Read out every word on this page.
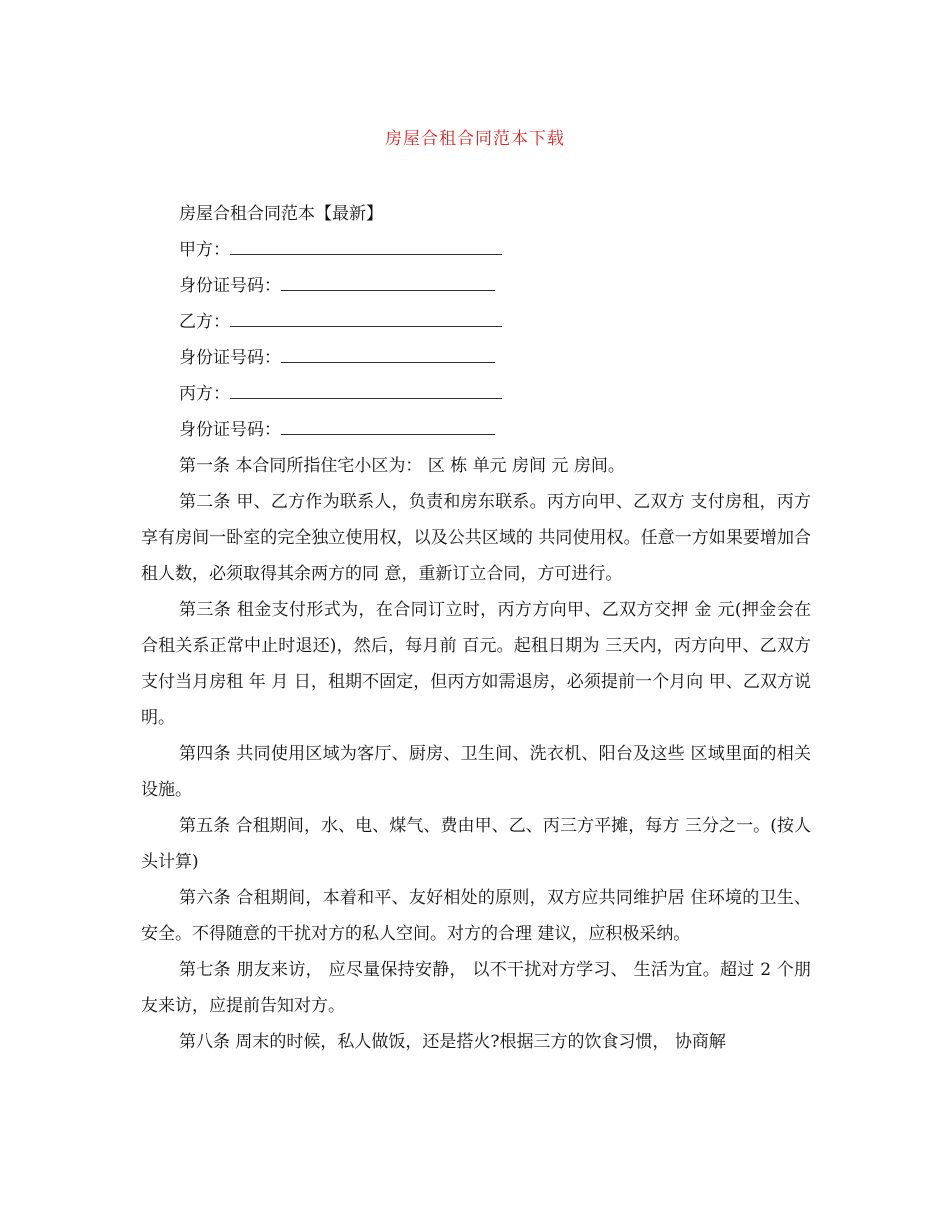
房屋合租合同范本下载
房屋合租合同范本【最新】
甲方：
身份证号码：
乙方：
身份证号码：
丙方：
身份证号码：

第一条 本合同所指住宅小区为： 区 栋 单元 房间 元 房间。

第二条 甲、乙方作为联系人，负责和房东联系。丙方向甲、乙双方 支付房租，丙方享有房间一卧室的完全独立使用权，以及公共区域的 共同使用权。任意一方如果要增加合租人数，必须取得其余两方的同 意，重新订立合同，方可进行。

第三条 租金支付形式为，在合同订立时，丙方方向甲、乙双方交押 金 元(押金会在合租关系正常中止时退还)，然后，每月前 百元。起租日期为 三天内，丙方向甲、乙双方支付当月房租 年 月 日，租期不固定，但丙方如需退房，必须提前一个月向 甲、乙双方说明。

第四条 共同使用区域为客厅、厨房、卫生间、洗衣机、阳台及这些 区域里面的相关设施。

第五条 合租期间，水、电、煤气、费由甲、乙、丙三方平摊，每方 三分之一。(按人头计算)

第六条 合租期间，本着和平、友好相处的原则，双方应共同维护居 住环境的卫生、安全。不得随意的干扰对方的私人空间。对方的合理 建议，应积极采纳。

第七条 朋友来访， 应尽量保持安静， 以不干扰对方学习、 生活为宜。超过 2 个朋友来访，应提前告知对方。

第八条 周末的时候，私人做饭，还是搭火?根据三方的饮食习惯， 协商解
